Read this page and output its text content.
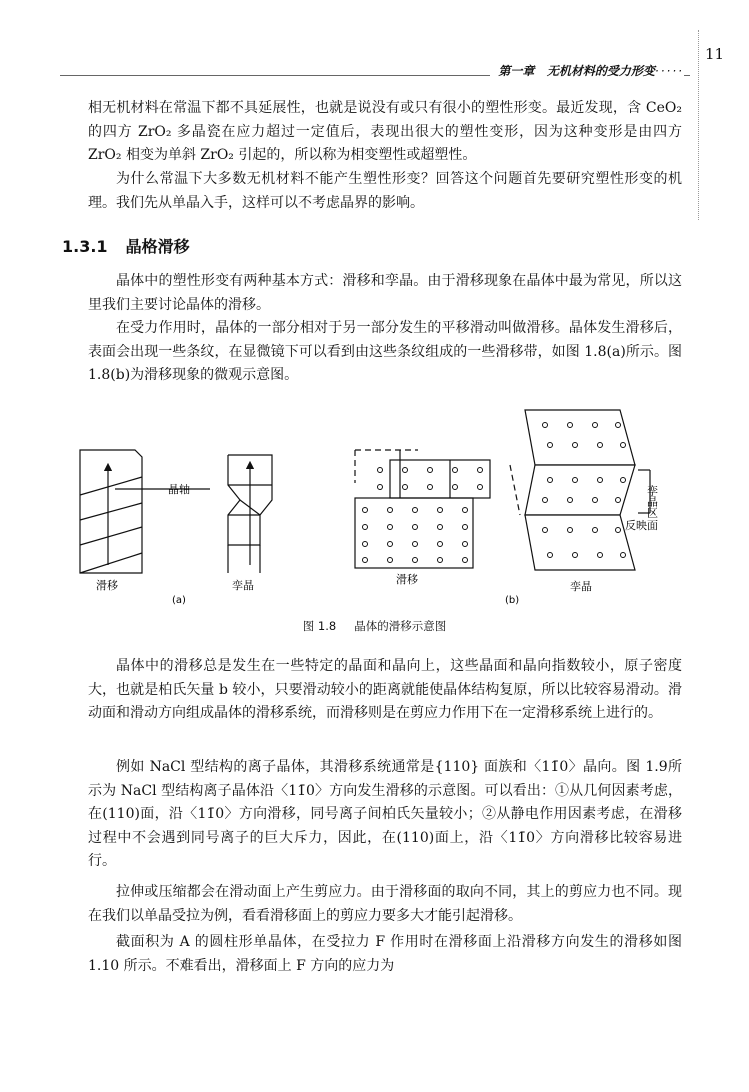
11
第一章 无机材料的受力形变·····

相无机材料在常温下都不具延展性，也就是说没有或只有很小的塑性形变。最近发现，含 CeO₂ 的四方 ZrO₂ 多晶瓷在应力超过一定值后，表现出很大的塑性变形，因为这种变形是由四方 ZrO₂ 相变为单斜 ZrO₂ 引起的，所以称为相变塑性或超塑性。

为什么常温下大多数无机材料不能产生塑性形变？回答这个问题首先要研究塑性形变的机理。我们先从单晶入手，这样可以不考虑晶界的影响。

1.3.1 晶格滑移

晶体中的塑性形变有两种基本方式：滑移和孪晶。由于滑移现象在晶体中最为常见，所以这里我们主要讨论晶体的滑移。

在受力作用时，晶体的一部分相对于另一部分发生的平移滑动叫做滑移。晶体发生滑移后，表面会出现一些条纹，在显微镜下可以看到由这些条纹组成的一些滑移带，如图 1.8(a)所示。图 1.8(b)为滑移现象的微观示意图。

晶轴
滑移	孪晶
(a)
滑移
孪晶
(b)
孪晶区
反映面
图 1.8 晶体的滑移示意图

晶体中的滑移总是发生在一些特定的晶面和晶向上，这些晶面和晶向指数较小，原子密度大，也就是柏氏矢量 b 较小，只要滑动较小的距离就能使晶体结构复原，所以比较容易滑动。滑动面和滑动方向组成晶体的滑移系统，而滑移则是在剪应力作用下在一定滑移系统上进行的。

例如 NaCl 型结构的离子晶体，其滑移系统通常是{110} 面族和〈11̄0〉晶向。图 1.9所示为 NaCl 型结构离子晶体沿〈11̄0〉方向发生滑移的示意图。可以看出：①从几何因素考虑，在(110)面，沿〈11̄0〉方向滑移，同号离子间柏氏矢量较小；②从静电作用因素考虑，在滑移过程中不会遇到同号离子的巨大斥力，因此，在(110)面上，沿〈11̄0〉方向滑移比较容易进行。

拉伸或压缩都会在滑动面上产生剪应力。由于滑移面的取向不同，其上的剪应力也不同。现在我们以单晶受拉为例，看看滑移面上的剪应力要多大才能引起滑移。

截面积为 A 的圆柱形单晶体，在受拉力 F 作用时在滑移面上沿滑移方向发生的滑移如图 1.10 所示。不难看出，滑移面上 F 方向的应力为
